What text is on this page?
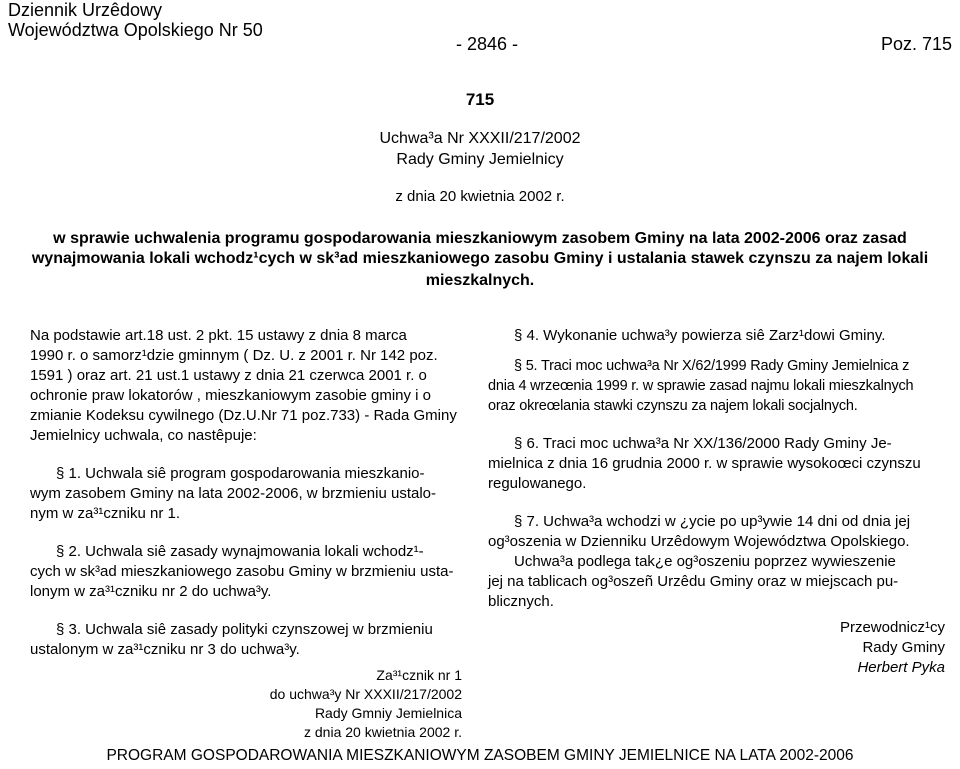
Dziennik Urzêdowy
Województwa Opolskiego Nr 50
- 2846 -	Poz. 715
715
Uchwa³a Nr XXXII/217/2002
Rady Gminy Jemielnicy
z dnia 20 kwietnia 2002 r.
w sprawie uchwalenia programu gospodarowania mieszkaniowym zasobem Gminy na lata 2002-2006 oraz zasad
wynajmowania lokali wchodz¹cych w sk³ad mieszkaniowego zasobu Gminy i ustalania stawek czynszu za najem lokali
mieszkalnych.
Na podstawie art.18 ust. 2 pkt. 15 ustawy z dnia 8 marca
1990 r. o samorz¹dzie gminnym ( Dz. U. z 2001 r. Nr 142 poz.
1591 ) oraz art. 21 ust.1 ustawy z dnia 21 czerwca 2001 r. o
ochronie praw lokatorów , mieszkaniowym zasobie gminy i o
zmianie Kodeksu cywilnego (Dz.U.Nr 71 poz.733) - Rada Gminy
Jemielnicy uchwala, co nastêpuje:
§ 1. Uchwala siê program gospodarowania mieszkanio-
wym zasobem Gminy na lata 2002-2006, w brzmieniu ustalo-
nym w za³¹czniku nr 1.
§ 2. Uchwala siê zasady wynajmowania lokali wchodz¹-
cych w sk³ad mieszkaniowego zasobu Gminy w brzmieniu usta-
lonym w za³¹czniku nr 2 do uchwa³y.
§ 3. Uchwala siê zasady polityki czynszowej w brzmieniu
ustalonym w za³¹czniku nr 3 do uchwa³y.
Za³¹cznik nr 1
do uchwa³y Nr XXXII/217/2002
Rady Gmniy Jemielnica
z dnia 20 kwietnia 2002 r.
§ 4. Wykonanie uchwa³y powierza siê Zarz¹dowi Gminy.
§ 5. Traci moc uchwa³a Nr X/62/1999 Rady Gminy Jemielnica z
dnia 4 wrzeœnia 1999 r. w sprawie zasad najmu lokali mieszkalnych
oraz okreœlania stawki czynszu za najem lokali socjalnych.
§ 6. Traci moc uchwa³a Nr XX/136/2000 Rady Gminy Je-
mielnica z dnia 16 grudnia 2000 r. w sprawie wysokoœci czynszu
regulowanego.
§ 7. Uchwa³a wchodzi w ¿ycie po up³ywie 14 dni od dnia jej
og³oszenia w Dzienniku Urzêdowym Województwa Opolskiego.
Uchwa³a podlega tak¿e og³oszeniu poprzez wywieszenie
jej na tablicach og³oszeñ Urzêdu Gminy oraz w miejscach pu-
blicznych.
Przewodnicz¹cy
Rady Gminy
Herbert Pyka
PROGRAM GOSPODAROWANIA MIESZKANIOWYM ZASOBEM GMINY JEMIELNICE NA LATA 2002-2006
